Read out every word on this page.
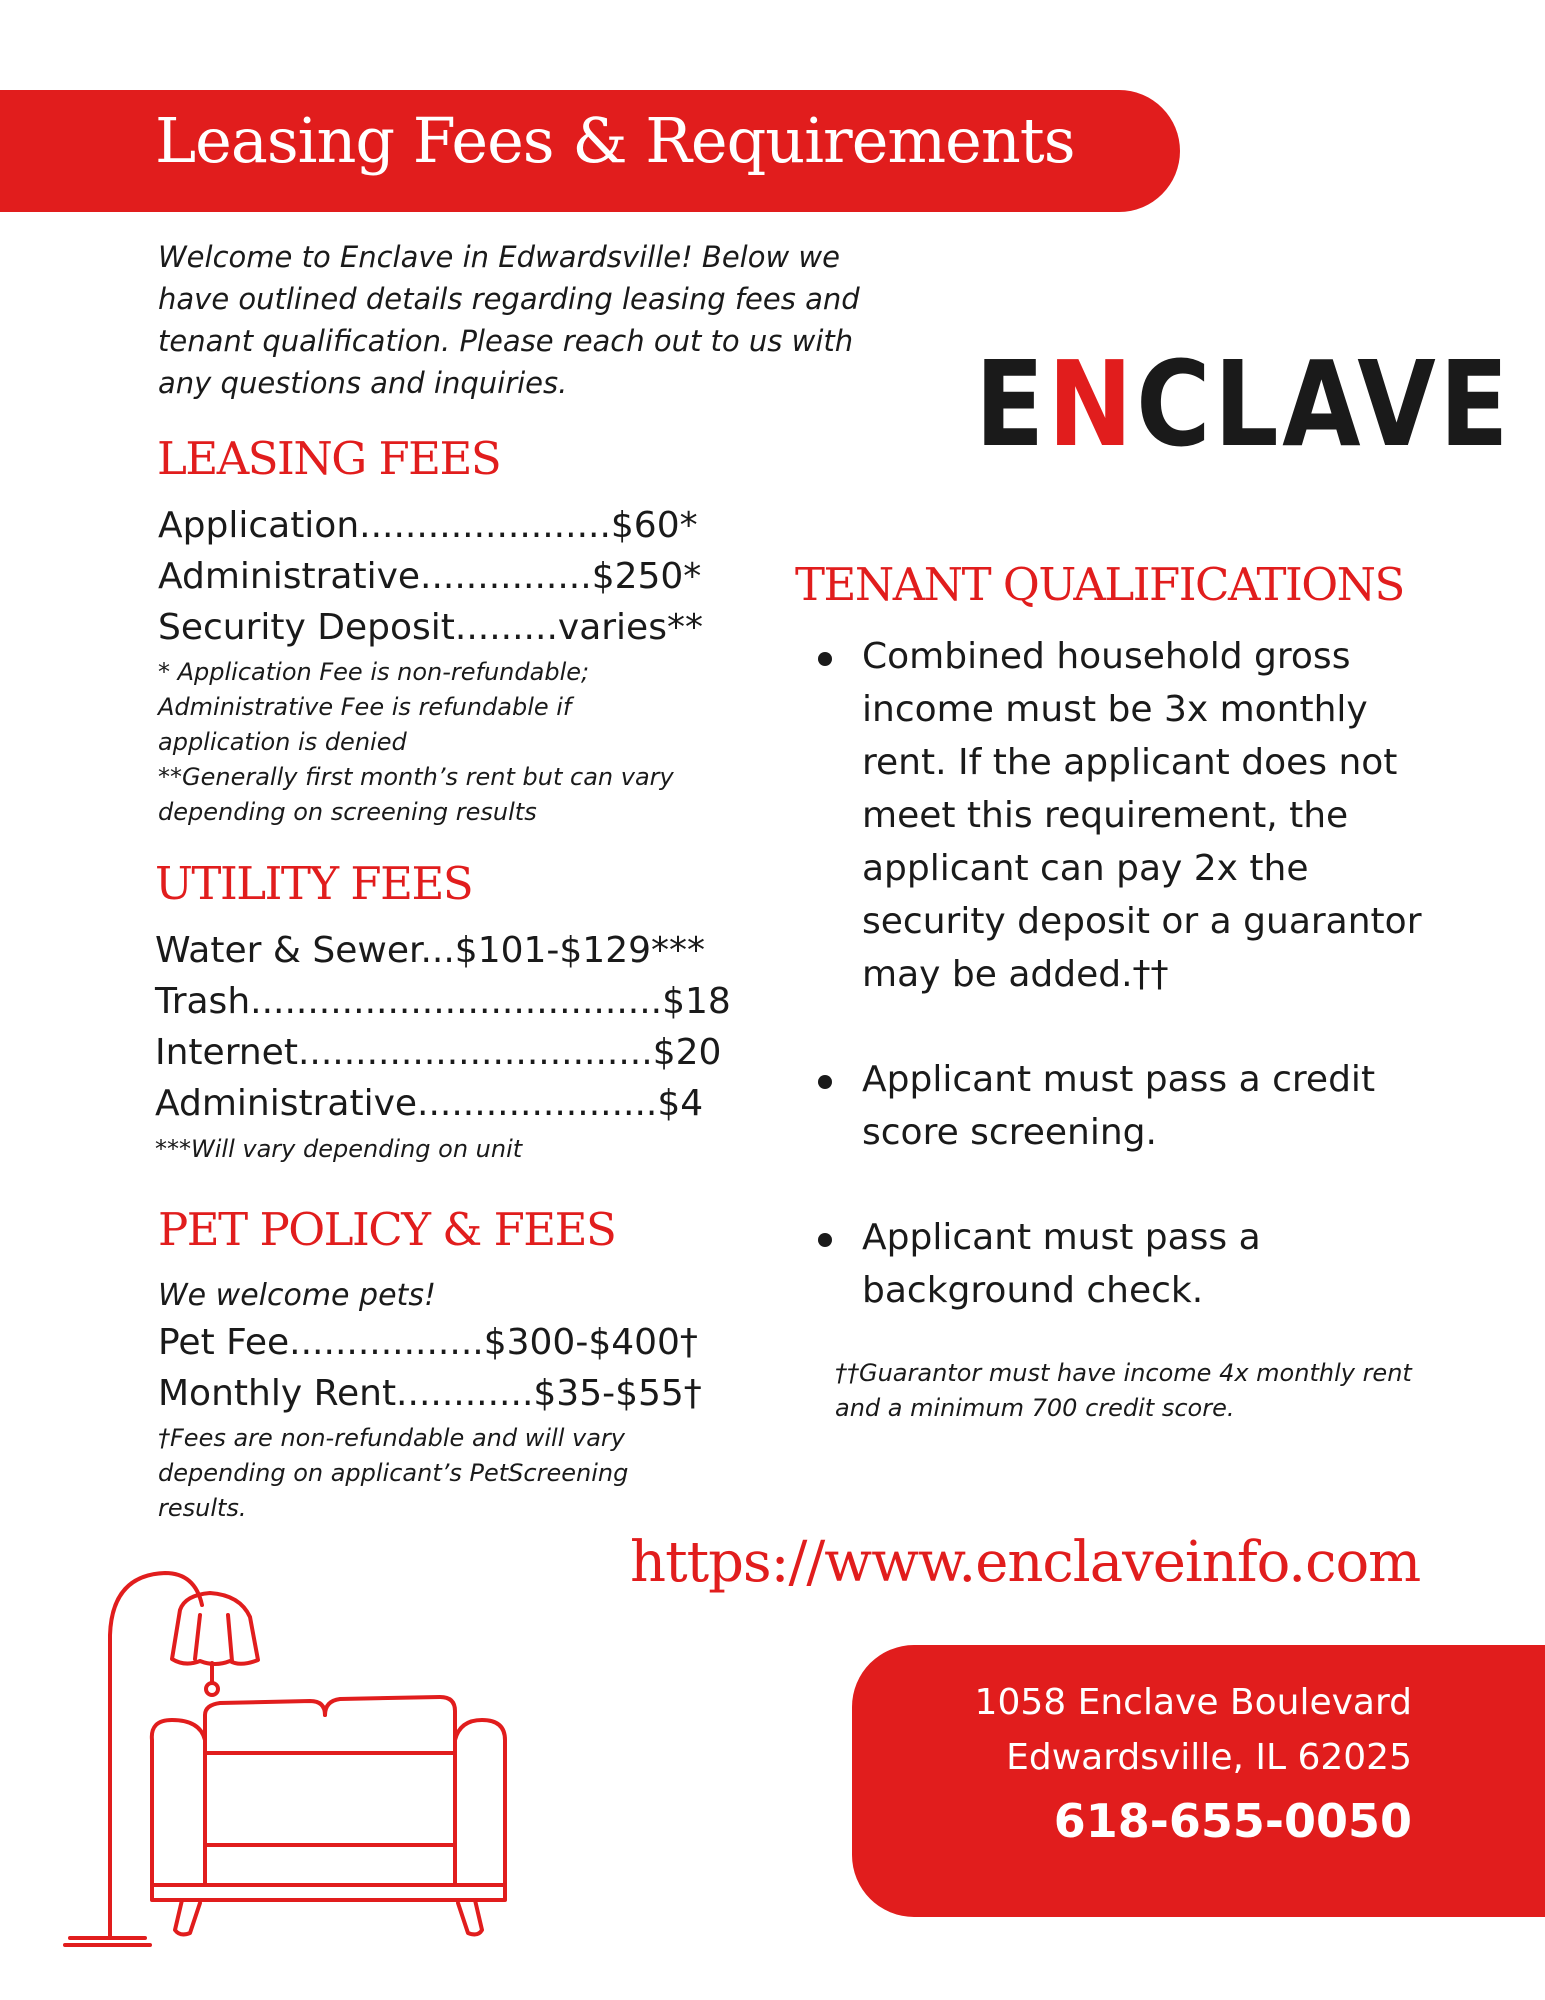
Leasing Fees & Requirements
Welcome to Enclave in Edwardsville! Below we have outlined details regarding leasing fees and tenant qualification. Please reach out to us with any questions and inquiries.	ENCLAVE
LEASING FEES
Application......................$60*
Administrative...............$250*
Security Deposit.........varies**
* Application Fee is non-refundable; Administrative Fee is refundable if application is denied
**Generally first month’s rent but can vary depending on screening results
UTILITY FEES
Water & Sewer...$101-$129***
Trash....................................$18
Internet...............................$20
Administrative.....................$4
***Will vary depending on unit
PET POLICY & FEES
We welcome pets!
Pet Fee.................$300-$400†
Monthly Rent............$35-$55†
†Fees are non-refundable and will vary depending on applicant’s PetScreening results.
TENANT QUALIFICATIONS
Combined household gross income must be 3x monthly rent. If the applicant does not meet this requirement, the applicant can pay 2x the security deposit or a guarantor may be added.††
Applicant must pass a credit score screening.
Applicant must pass a background check.
††Guarantor must have income 4x monthly rent and a minimum 700 credit score.
https://www.enclaveinfo.com
1058 Enclave Boulevard
Edwardsville, IL 62025
618-655-0050
